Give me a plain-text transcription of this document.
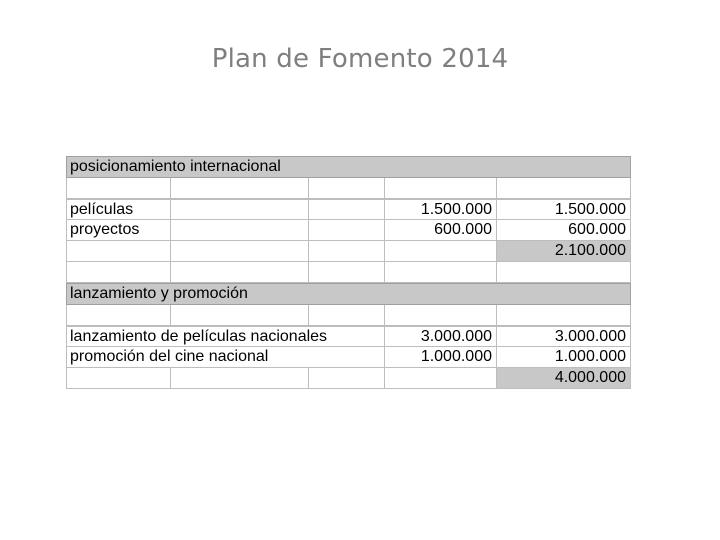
Plan de Fomento 2014
posicionamiento internacional
películas	1.500.000	1.500.000
proyectos	600.000	600.000
2.100.000
lanzamiento y promoción
lanzamiento de películas nacionales	3.000.000	3.000.000
promoción del cine nacional	1.000.000	1.000.000
4.000.000
